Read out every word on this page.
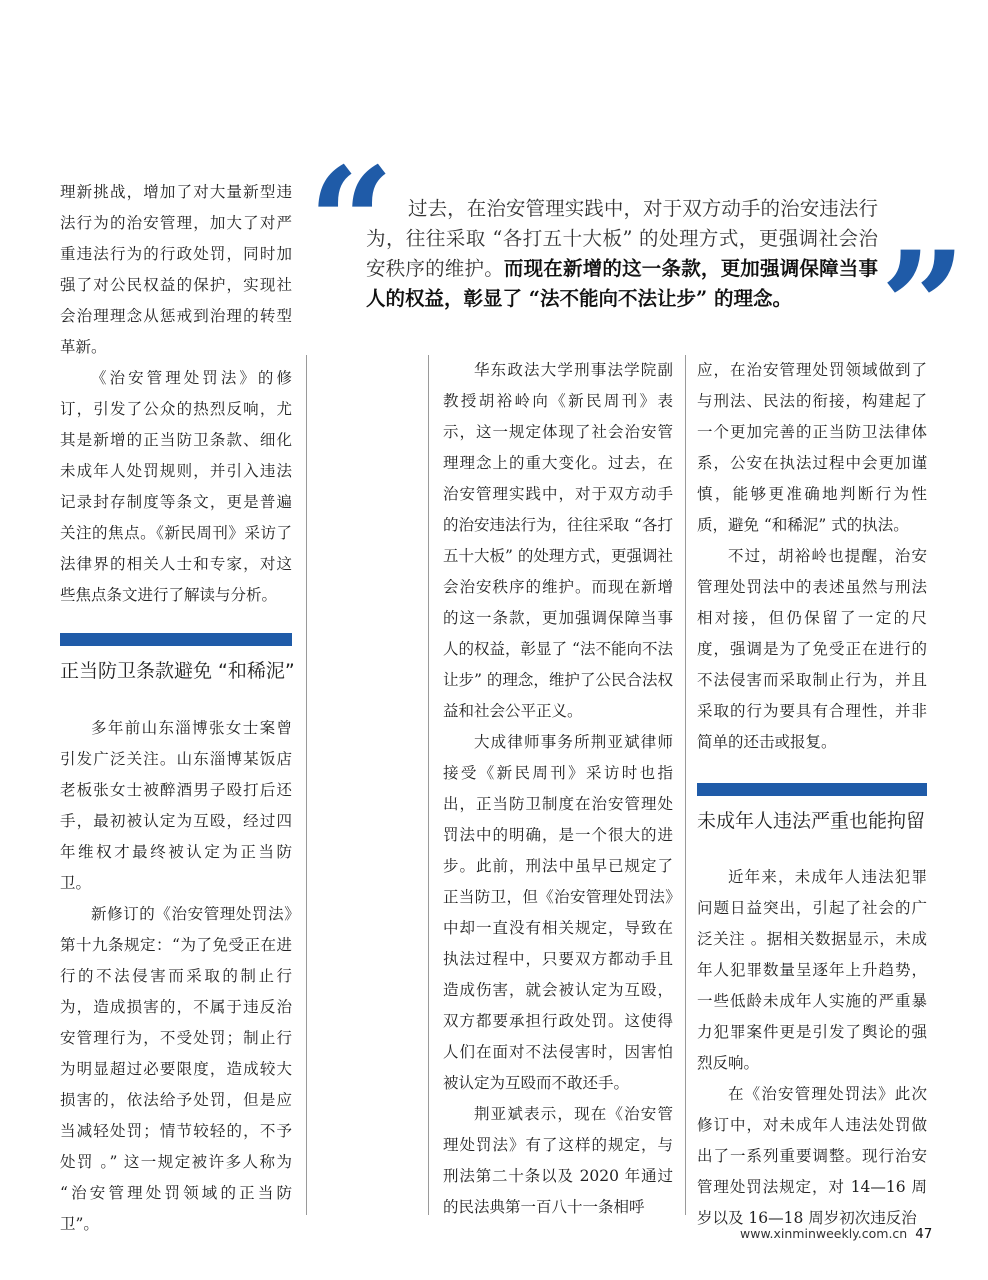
“ 过去，在治安管理实践中，对于双方动手的治安违法行为，往往采取 “各打五十大板” 的处理方式，更强调社会治安秩序的维护。而现在新增的这一条款，更加强调保障当事人的权益，彰显了 “法不能向不法让步” 的理念。 ”

理新挑战，增加了对大量新型违法行为的治安管理，加大了对严重违法行为的行政处罚，同时加强了对公民权益的保护，实现社会治理理念从惩戒到治理的转型革新。

《治安管理处罚法》的修订，引发了公众的热烈反响，尤其是新增的正当防卫条款、细化未成年人处罚规则，并引入违法记录封存制度等条文，更是普遍关注的焦点。《新民周刊》采访了法律界的相关人士和专家，对这些焦点条文进行了解读与分析。

正当防卫条款避免 “和稀泥”

多年前山东淄博张女士案曾引发广泛关注。山东淄博某饭店老板张女士被醉酒男子殴打后还手，最初被认定为互殴，经过四年维权才最终被认定为正当防卫。

新修订的《治安管理处罚法》第十九条规定：“为了免受正在进行的不法侵害而采取的制止行为，造成损害的，不属于违反治安管理行为，不受处罚；制止行为明显超过必要限度，造成较大损害的，依法给予处罚，但是应当减轻处罚；情节较轻的，不予处罚 。” 这一规定被许多人称为 “治安管理处罚领域的正当防卫”。

华东政法大学刑事法学院副教授胡裕岭向《新民周刊》表示，这一规定体现了社会治安管理理念上的重大变化。过去，在治安管理实践中，对于双方动手的治安违法行为，往往采取 “各打五十大板” 的处理方式，更强调社会治安秩序的维护。而现在新增的这一条款，更加强调保障当事人的权益，彰显了 “法不能向不法让步” 的理念，维护了公民合法权益和社会公平正义。

大成律师事务所荆亚斌律师接受《新民周刊》采访时也指出，正当防卫制度在治安管理处罚法中的明确，是一个很大的进步。此前，刑法中虽早已规定了正当防卫，但《治安管理处罚法》中却一直没有相关规定，导致在执法过程中，只要双方都动手且造成伤害，就会被认定为互殴，双方都要承担行政处罚。这使得人们在面对不法侵害时，因害怕被认定为互殴而不敢还手。

荆亚斌表示，现在《治安管理处罚法》有了这样的规定，与刑法第二十条以及 2020 年通过的民法典第一百八十一条相呼

应，在治安管理处罚领域做到了与刑法、民法的衔接，构建起了一个更加完善的正当防卫法律体系，公安在执法过程中会更加谨慎，能够更准确地判断行为性质，避免 “和稀泥” 式的执法。

不过，胡裕岭也提醒，治安管理处罚法中的表述虽然与刑法相对接，但仍保留了一定的尺度，强调是为了免受正在进行的不法侵害而采取制止行为，并且采取的行为要具有合理性，并非简单的还击或报复。

未成年人违法严重也能拘留

近年来，未成年人违法犯罪问题日益突出，引起了社会的广泛关注 。据相关数据显示，未成年人犯罪数量呈逐年上升趋势，一些低龄未成年人实施的严重暴力犯罪案件更是引发了舆论的强烈反响。

在《治安管理处罚法》此次修订中，对未成年人违法处罚做出了一系列重要调整。现行治安管理处罚法规定，对 14—16 周岁以及 16—18 周岁初次违反治

www.xinminweekly.com.cn 47
